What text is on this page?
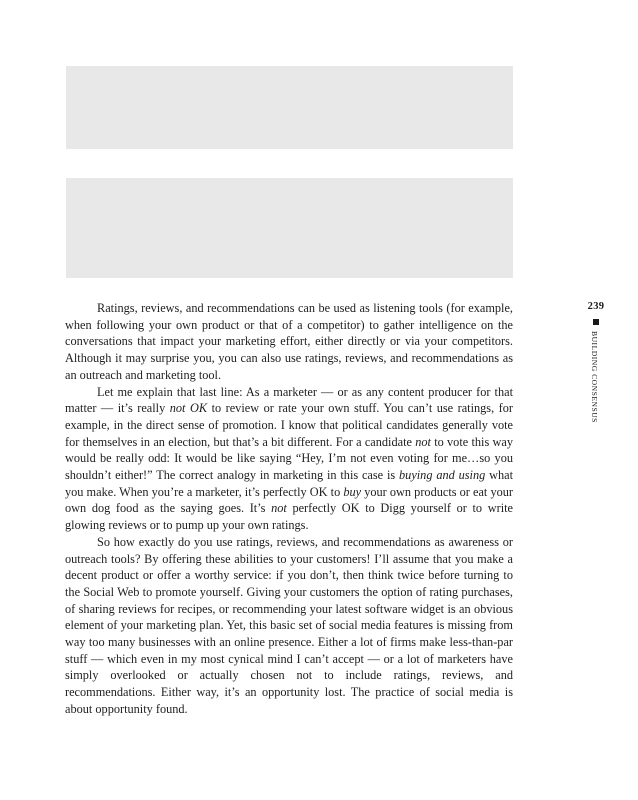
Ratings, reviews, and recommendations can be used as listening tools (for example, when following your own product or that of a competitor) to gather intelligence on the conversations that impact your marketing effort, either directly or via your competitors. Although it may surprise you, you can also use ratings, reviews, and recommendations as an outreach and marketing tool.

Let me explain that last line: As a marketer — or as any content producer for that matter — it’s really not OK to review or rate your own stuff. You can’t use ratings, for example, in the direct sense of promotion. I know that political candidates generally vote for themselves in an election, but that’s a bit different. For a candidate not to vote this way would be really odd: It would be like saying “Hey, I’m not even voting for me…so you shouldn’t either!” The correct analogy in marketing in this case is buying and using what you make. When you’re a marketer, it’s perfectly OK to buy your own products or eat your own dog food as the saying goes. It’s not perfectly OK to Digg yourself or to write glowing reviews or to pump up your own ratings.

So how exactly do you use ratings, reviews, and recommendations as awareness or outreach tools? By offering these abilities to your customers! I’ll assume that you make a decent product or offer a worthy service: if you don’t, then think twice before turning to the Social Web to promote yourself. Giving your customers the option of rating purchases, of sharing reviews for recipes, or recommending your latest software widget is an obvious element of your marketing plan. Yet, this basic set of social media features is missing from way too many businesses with an online presence. Either a lot of firms make less-than-par stuff — which even in my most cynical mind I can’t accept — or a lot of marketers have simply overlooked or actually chosen not to include ratings, reviews, and recommendations. Either way, it’s an opportunity lost. The practice of social media is about opportunity found.

239
BUILDING CONSENSUS
